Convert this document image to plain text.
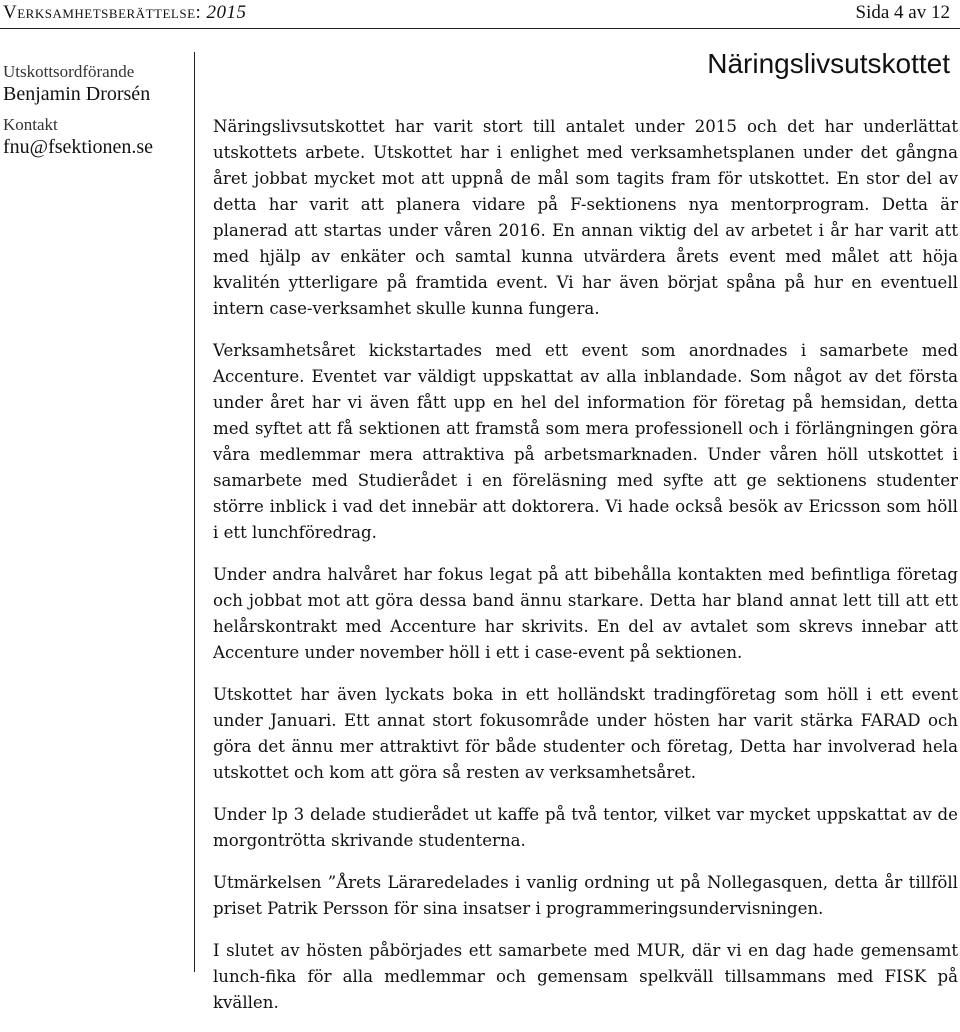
Verksamhetsberättelse: 2015	Sida 4 av 12
Utskottsordförande
Benjamin Drorsén
Kontakt
fnu@fsektionen.se
Näringslivsutskottet

Näringslivsutskottet har varit stort till antalet under 2015 och det har underlättat utskottets arbete. Utskottet har i enlighet med verksamhetsplanen under det gångna året jobbat mycket mot att uppnå de mål som tagits fram för utskottet. En stor del av detta har varit att planera vidare på F-sektionens nya mentorprogram. Detta är planerad att startas under våren 2016. En annan viktig del av arbetet i år har varit att med hjälp av enkäter och samtal kunna utvärdera årets event med målet att höja kvalitén ytterligare på framtida event. Vi har även börjat spåna på hur en eventuell intern case-verksamhet skulle kunna fungera.

Verksamhetsåret kickstartades med ett event som anordnades i samarbete med Accenture. Eventet var väldigt uppskattat av alla inblandade. Som något av det första under året har vi även fått upp en hel del information för företag på hemsidan, detta med syftet att få sektionen att framstå som mera professionell och i förlängningen göra våra medlemmar mera attraktiva på arbetsmarknaden. Under våren höll utskottet i samarbete med Studierådet i en föreläsning med syfte att ge sektionens studenter större inblick i vad det innebär att doktorera. Vi hade också besök av Ericsson som höll i ett lunchföredrag.

Under andra halvåret har fokus legat på att bibehålla kontakten med befintliga företag och jobbat mot att göra dessa band ännu starkare. Detta har bland annat lett till att ett helårskontrakt med Accenture har skrivits. En del av avtalet som skrevs innebar att Accenture under november höll i ett i case-event på sektionen.

Utskottet har även lyckats boka in ett holländskt tradingföretag som höll i ett event under Januari. Ett annat stort fokusområde under hösten har varit stärka FARAD och göra det ännu mer attraktivt för både studenter och företag, Detta har involverad hela utskottet och kom att göra så resten av verksamhetsåret.

Under lp 3 delade studierådet ut kaffe på två tentor, vilket var mycket uppskattat av de morgontrötta skrivande studenterna.

Utmärkelsen ”Årets Läraredelades i vanlig ordning ut på Nollegasquen, detta år tillföll priset Patrik Persson för sina insatser i programmeringsundervisningen.

I slutet av hösten påbörjades ett samarbete med MUR, där vi en dag hade gemensamt lunch-fika för alla medlemmar och gemensam spelkväll tillsammans med FISK på kvällen.
